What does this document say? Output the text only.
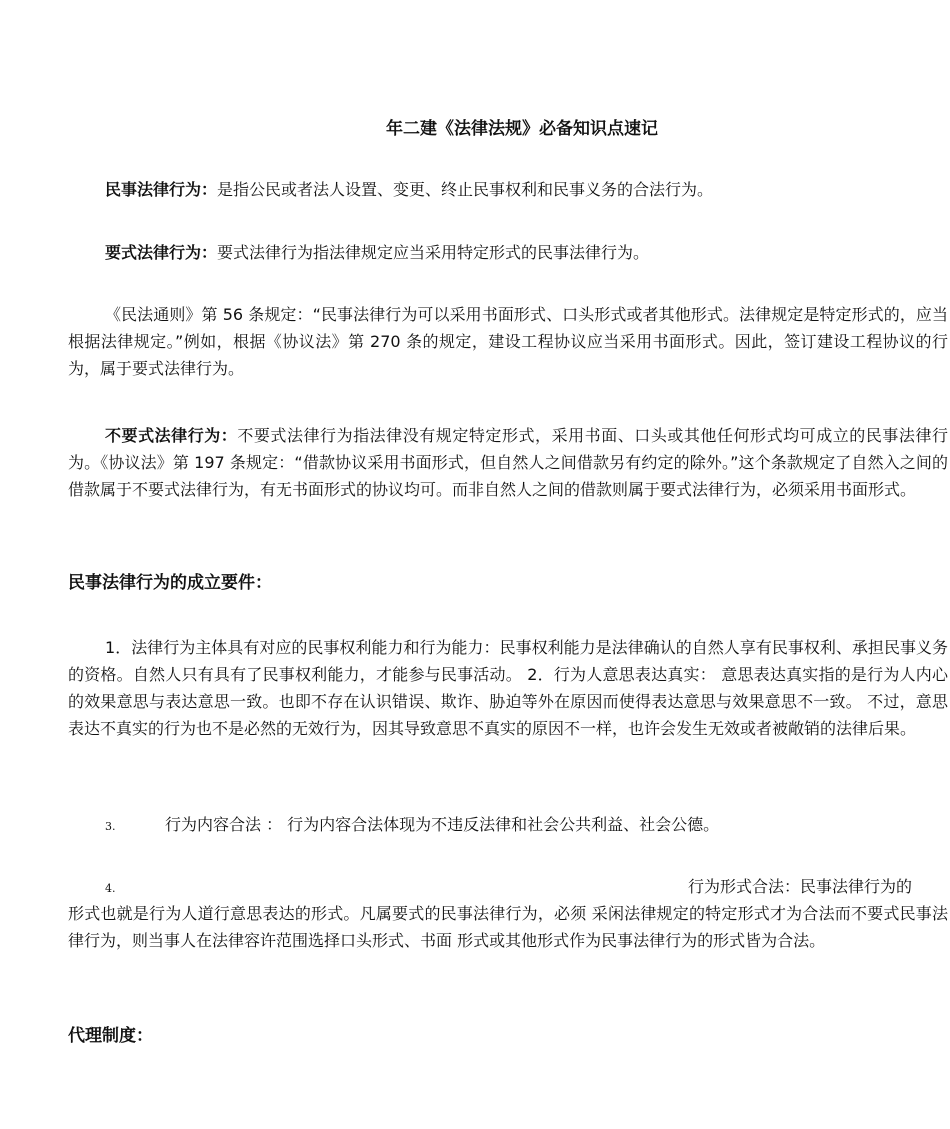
年二建《法律法规》必备知识点速记

民事法律行为：是指公民或者法人设置、变更、终止民事权利和民事义务的合法行为。

要式法律行为：要式法律行为指法律规定应当采用特定形式的民事法律行为。

《民法通则》第 56 条规定：“民事法律行为可以采用书面形式、口头形式或者其他形式。法律规定是特定形式的，应当根据法律规定。”例如，根据《协议法》第 270 条的规定，建设工程协议应当采用书面形式。因此，签订建设工程协议的行为，属于要式法律行为。

不要式法律行为：不要式法律行为指法律没有规定特定形式，采用书面、口头或其他任何形式均可成立的民事法律行为。《协议法》第 197 条规定：“借款协议采用书面形式，但自然人之间借款另有约定的除外。”这个条款规定了自然入之间的借款属于不要式法律行为，有无书面形式的协议均可。而非自然人之间的借款则属于要式法律行为，必须采用书面形式。

民事法律行为的成立要件：

1．法律行为主体具有对应的民事权利能力和行为能力：民事权利能力是法律确认的自然人享有民事权利、承担民事义务的资格。自然人只有具有了民事权利能力，才能参与民事活动。 2．行为人意思表达真实： 意思表达真实指的是行为人内心的效果意思与表达意思一致。也即不存在认识错误、欺诈、胁迫等外在原因而使得表达意思与效果意思不一致。 不过，意思表达不真实的行为也不是必然的无效行为，因其导致意思不真实的原因不一样，也许会发生无效或者被敞销的法律后果。

3.	行为内容合法 ： 行为内容合法体现为不违反法律和社会公共利益、社会公德。
4.	行为形式合法：民事法律行为的

形式也就是行为人道行意思表达的形式。凡属要式的民事法律行为，必须 采闲法律规定的特定形式才为合法而不要式民事法律行为，则当事人在法律容许范围选择口头形式、书面 形式或其他形式作为民事法律行为的形式皆为合法。

代理制度：
